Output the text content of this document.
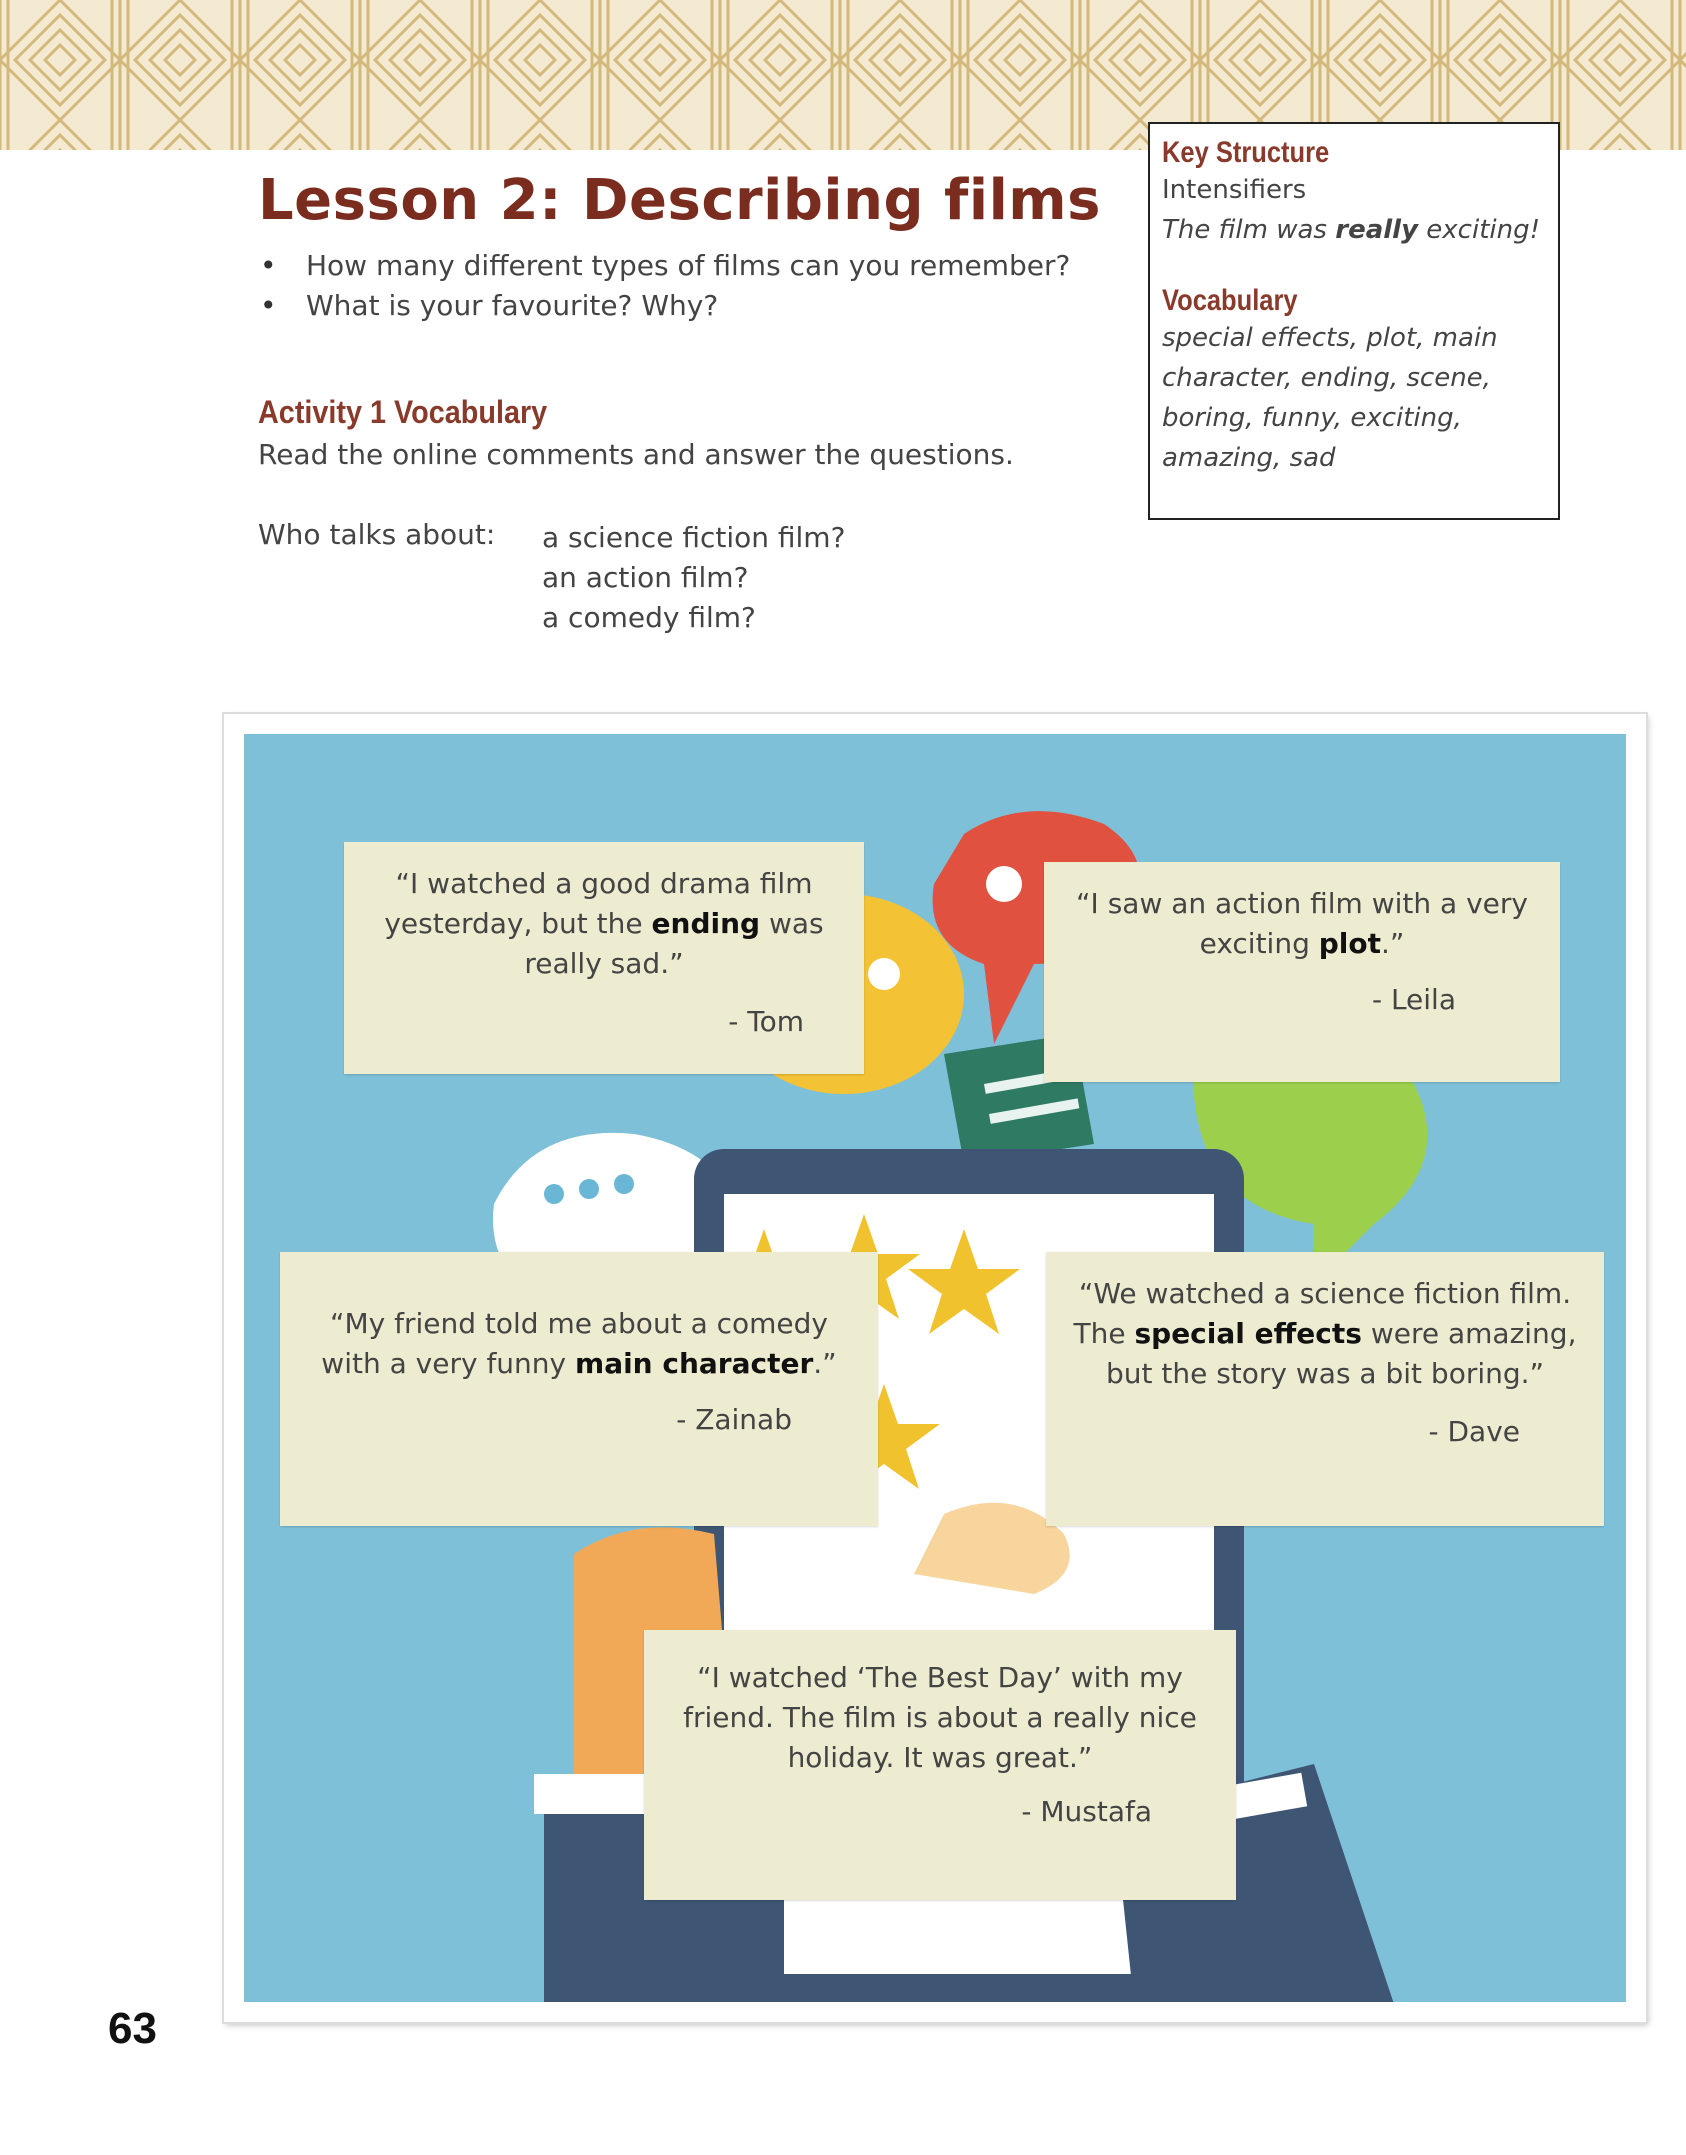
Lesson 2: Describing films
• How many different types of films can you remember?
• What is your favourite? Why?
Activity 1 Vocabulary
Read the online comments and answer the questions.
Who talks about: a science fiction film?
an action film?
a comedy film?
Key Structure
Intensifiers
The film was really exciting!
Vocabulary
special effects, plot, main
character, ending, scene,
boring, funny, exciting,
amazing, sad

“I watched a good drama film

yesterday, but the ending was

really sad.”

- Tom

“I saw an action film with a very

exciting plot.”

- Leila

“My friend told me about a comedy

with a very funny main character.”

- Zainab

“We watched a science fiction film.

The special effects were amazing,

but the story was a bit boring.”

- Dave

“I watched ‘The Best Day’ with my

friend. The film is about a really nice

holiday. It was great.”

- Mustafa

63
